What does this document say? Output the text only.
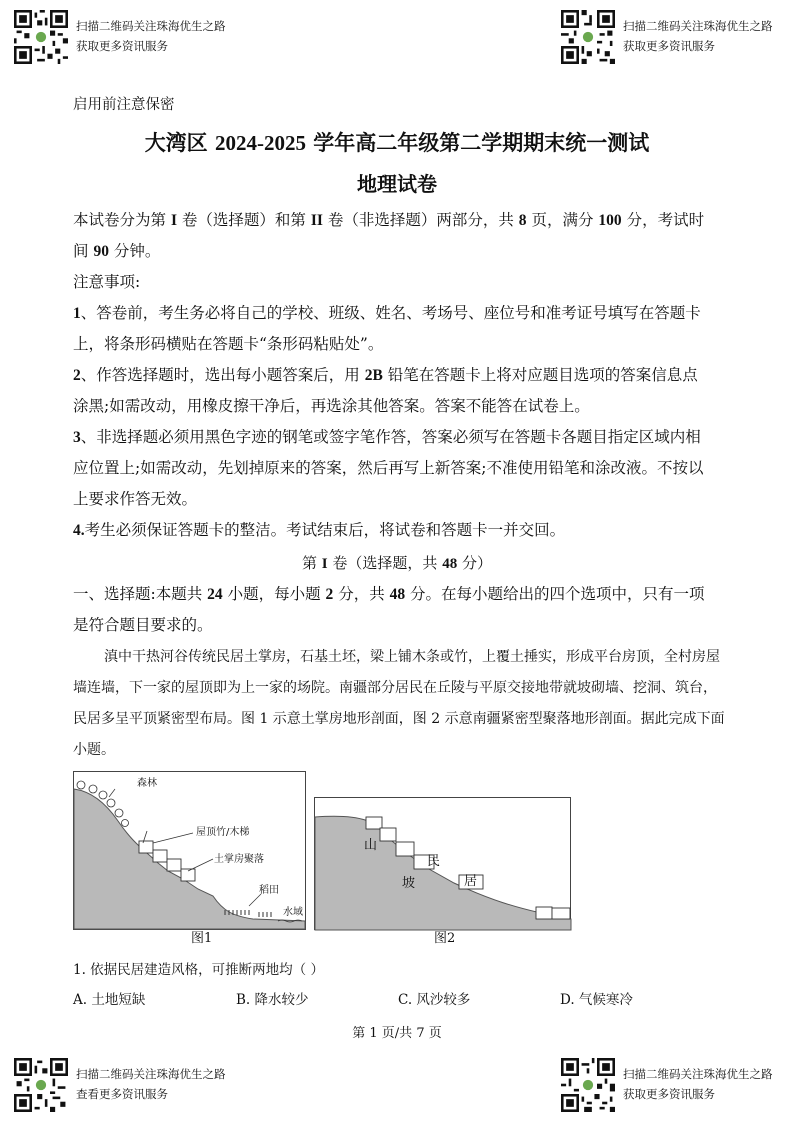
扫描二维码关注珠海优生之路
获取更多资讯服务
扫描二维码关注珠海优生之路
获取更多资讯服务
扫描二维码关注珠海优生之路
查看更多资讯服务
扫描二维码关注珠海优生之路
获取更多资讯服务
启用前注意保密
大湾区 2024-2025 学年高二年级第二学期期末统一测试
地理试卷
本试卷分为第 I 卷（选择题）和第 II 卷（非选择题）两部分，共 8 页，满分 100 分，考试时
间 90 分钟。
注意事项:
1、答卷前，考生务必将自己的学校、班级、姓名、考场号、座位号和准考证号填写在答题卡
上，将条形码横贴在答题卡“条形码粘贴处”。
2、作答选择题时，选出每小题答案后，用 2B 铅笔在答题卡上将对应题目选项的答案信息点
涂黑;如需改动，用橡皮擦干净后，再选涂其他答案。答案不能答在试卷上。
3、非选择题必须用黑色字迹的钢笔或签字笔作答，答案必须写在答题卡各题目指定区域内相
应位置上;如需改动，先划掉原来的答案，然后再写上新答案;不准使用铅笔和涂改液。不按以
上要求作答无效。
4.考生必须保证答题卡的整洁。考试结束后，将试卷和答题卡一并交回。
第 I 卷（选择题，共 48 分）
一、选择题:本题共 24 小题，每小题 2 分，共 48 分。在每小题给出的四个选项中，只有一项
是符合题目要求的。
滇中干热河谷传统民居土掌房，石基土坯，梁上铺木条或竹，上覆土捶实，形成平台房顶，全村房屋
墙连墙，下一家的屋顶即为上一家的场院。南疆部分居民在丘陵与平原交接地带就坡砌墙、挖洞、筑台，
民居多呈平顶紧密型布局。图 1 示意土掌房地形剖面，图 2 示意南疆紧密型聚落地形剖面。据此完成下面
小题。
森林
屋顶竹/木梯
土掌房聚落
稻田
水域
图1
山
民
坡	居
图2
1. 依据民居建造风格，可推断两地均（ ）
A. 土地短缺	B. 降水较少	C. 风沙较多	D. 气候寒冷
第 1 页/共 7 页
